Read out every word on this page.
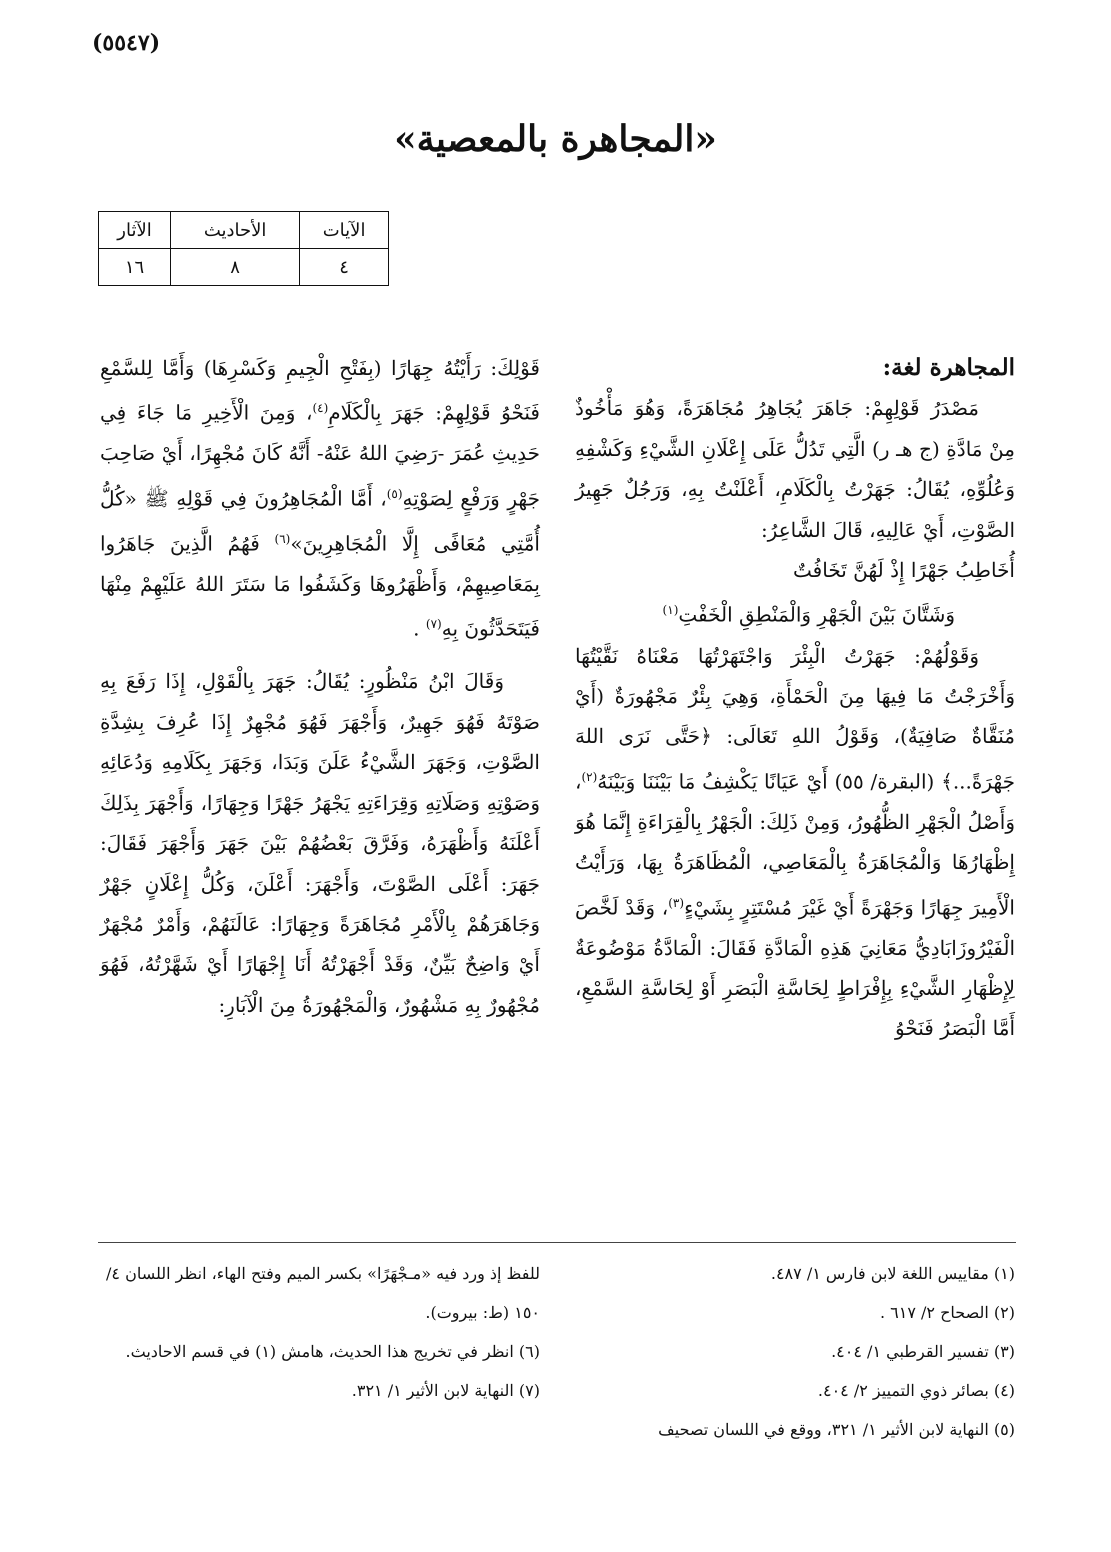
(٥٥٤٧)
«المجاهرة بالمعصية»
الآيات	الأحاديث	الآثار
٤	٨	١٦

المجاهرة لغة:

مَصْدَرُ قَوْلِهِمْ: جَاهَرَ يُجَاهِرُ مُجَاهَرَةً، وَهُوَ مَأْخُوذٌ مِنْ مَادَّةِ (ج هـ ر) الَّتِي تَدُلُّ عَلَى إِعْلَانِ الشَّيْءِ وَكَشْفِهِ وَعُلُوِّهِ، يُقَالُ: جَهَرْتُ بِالْكَلَامِ، أَعْلَنْتُ بِهِ، وَرَجُلٌ جَهِيرُ الصَّوْتِ، أَيْ عَالِيهِ، قَالَ الشَّاعِرُ:

أُخَاطِبُ جَهْرًا إِذْ لَهُنَّ تَخَافُتٌ

وَشَتَّانَ بَيْنَ الْجَهْرِ وَالْمَنْطِقِ الْخَفْتِ$^{(١)}$

وَقَوْلُهُمْ: جَهَرْتُ الْبِئْرَ وَاجْتَهَرْتُهَا مَعْنَاهُ نَقَّيْتُهَا وَأَخْرَجْتُ مَا فِيهَا مِنَ الْحَمْأَةِ، وَهِيَ بِئْرٌ مَجْهُورَةٌ (أَيْ مُنَقَّاةٌ صَافِيَةٌ)، وَقَوْلُ اللهِ تَعَالَى: ﴿حَتَّى نَرَى اللهَ جَهْرَةً...﴾ (البقرة/ ٥٥) أَيْ عَيَانًا يَكْشِفُ مَا بَيْنَنَا وَبَيْنَهُ$^{(٢)}$، وَأَصْلُ الْجَهْرِ الظُّهُورُ، وَمِنْ ذَلِكَ: الْجَهْرُ بِالْقِرَاءَةِ إِنَّمَا هُوَ إِظْهَارُهَا وَالْمُجَاهَرَةُ بِالْمَعَاصِي، الْمُظَاهَرَةُ بِهَا، وَرَأَيْتُ الْأَمِيرَ جِهَارًا وَجَهْرَةً أَيْ غَيْرَ مُسْتَتِرٍ بِشَيْءٍ$^{(٣)}$، وَقَدْ لَخَّصَ الْفَيْرُوزَابَادِيُّ مَعَانِيَ هَذِهِ الْمَادَّةِ فَقَالَ: الْمَادَّةُ مَوْضُوعَةٌ لِإِظْهَارِ الشَّيْءِ بِإِفْرَاطٍ لِحَاسَّةِ الْبَصَرِ أَوْ لِحَاسَّةِ السَّمْعِ، أَمَّا الْبَصَرُ فَنَحْوُ

قَوْلِكَ: رَأَيْتُهُ جِهَارًا (بِفَتْحِ الْجِيمِ وَكَسْرِهَا) وَأَمَّا لِلسَّمْعِ فَنَحْوُ قَوْلِهِمْ: جَهَرَ بِالْكَلَامِ$^{(٤)}$، وَمِنَ الْأَخِيرِ مَا جَاءَ فِي حَدِيثِ عُمَرَ -رَضِيَ اللهُ عَنْهُ- أَنَّهُ كَانَ مُجْهِرًا، أَيْ صَاحِبَ جَهْرٍ وَرَفْعٍ لِصَوْتِهِ$^{(٥)}$، أَمَّا الْمُجَاهِرُونَ فِي قَوْلِهِ ﷺ «كُلُّ أُمَّتِي مُعَافًى إِلَّا الْمُجَاهِرِينَ»$^{(٦)}$ فَهُمُ الَّذِينَ جَاهَرُوا بِمَعَاصِيهِمْ، وَأَظْهَرُوهَا وَكَشَفُوا مَا سَتَرَ اللهُ عَلَيْهِمْ مِنْهَا فَيَتَحَدَّثُونَ بِهِ$^{(٧)}$ .

وَقَالَ ابْنُ مَنْظُورٍ: يُقَالُ: جَهَرَ بِالْقَوْلِ، إِذَا رَفَعَ بِهِ صَوْتَهُ فَهُوَ جَهِيرٌ، وَأَجْهَرَ فَهُوَ مُجْهِرٌ إِذَا عُرِفَ بِشِدَّةِ الصَّوْتِ، وَجَهَرَ الشَّيْءُ عَلَنَ وَبَدَا، وَجَهَرَ بِكَلَامِهِ وَدُعَائِهِ وَصَوْتِهِ وَصَلَاتِهِ وَقِرَاءَتِهِ يَجْهَرُ جَهْرًا وَجِهَارًا، وَأَجْهَرَ بِذَلِكَ أَعْلَنَهُ وَأَظْهَرَهُ، وَفَرَّقَ بَعْضُهُمْ بَيْنَ جَهَرَ وَأَجْهَرَ فَقَالَ: جَهَرَ: أَعْلَى الصَّوْتَ، وَأَجْهَرَ: أَعْلَنَ، وَكُلُّ إِعْلَانٍ جَهْرٌ وَجَاهَرَهُمْ بِالْأَمْرِ مُجَاهَرَةً وَجِهَارًا: عَالَنَهُمْ، وَأَمْرٌ مُجْهَرٌ أَيْ وَاضِحٌ بَيِّنٌ، وَقَدْ أَجْهَرْتُهُ أَنَا إِجْهَارًا أَيْ شَهَّرْتُهُ، فَهُوَ مُجْهُورٌ بِهِ مَشْهُورٌ، وَالْمَجْهُورَةُ مِنَ الْآبَارِ:

(١) مقاييس اللغة لابن فارس ١/ ٤٨٧.

(٢) الصحاح ٢/ ٦١٧ .

(٣) تفسير القرطبي ١/ ٤٠٤.

(٤) بصائر ذوي التمييز ٢/ ٤٠٤.

(٥) النهاية لابن الأثير ١/ ٣٢١، ووقع في اللسان تصحيف

للفظ إذ ورد فيه «مـجْهَرًا» بكسر الميم وفتح الهاء، انظر اللسان ٤/ ١٥٠ (ط: بيروت).

(٦) انظر في تخريج هذا الحديث، هامش (١) في قسم الاحاديث.

(٧) النهاية لابن الأثير ١/ ٣٢١.
